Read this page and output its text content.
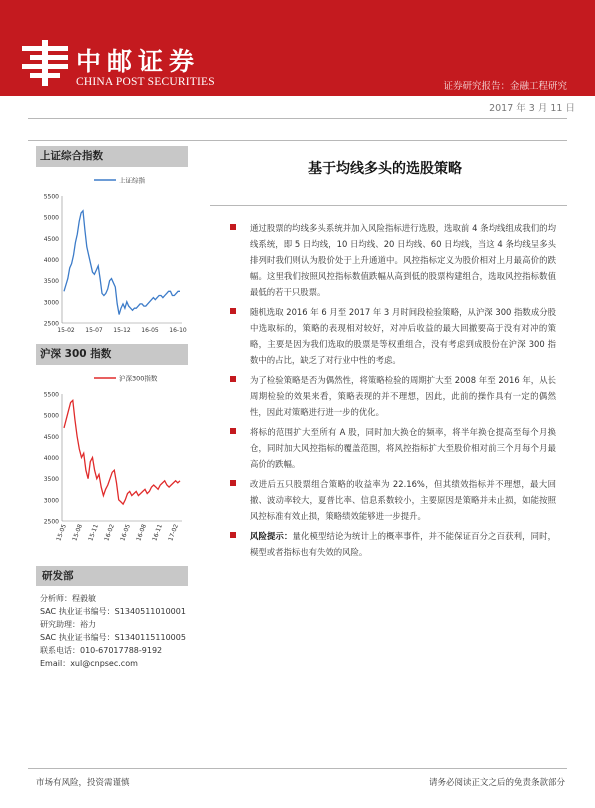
中邮证券
CHINA POST SECURITIES	证券研究报告：金融工程研究
2017 年 3 月 11 日
上证综合指数
2500
3000
3500
4000
4500
5000
5500
15-02 15-07 15-12 16-05 16-10
上证综指
沪深 300 指数
2500
3000
3500
4000
4500
5000
5500
15-05 15-08 15-11 16-02 16-05 16-08 16-11 17-02
沪深300指数
研发部
分析师：程毅敏
SAC 执业证书编号：S1340511010001
研究助理：裕力
SAC 执业证书编号：S1340115110005
联系电话：010-67017788-9192
Email：xul@cnpsec.com
基于均线多头的选股策略
通过股票的均线多头系统并加入风险指标进行选股，选取前 4 条均线组成我们的均线系统，即 5 日均线，10 日均线、20 日均线、60 日均线，当这 4 条均线呈多头排列时我们则认为股价处于上升通道中。风控指标定义为股价相对上月最高价的跌幅。这里我们按照风控指标数值跌幅从高到低的股票构建组合，选取风控指标数值最低的若干只股票。
随机选取 2016 年 6 月至 2017 年 3 月时间段检验策略，从沪深 300 指数成分股中选取标的，策略的表现相对较好，对冲后收益的最大回撤要高于没有对冲的策略，主要是因为我们选取的股票是等权重组合，没有考虑到成股份在沪深 300 指数中的占比，缺乏了对行业中性的考虑。
为了检验策略是否为偶然性，将策略检验的周期扩大至 2008 年至 2016 年，从长周期检验的效果来看，策略表现的并不理想，因此，此前的操作具有一定的偶然性，因此对策略进行进一步的优化。
将标的范围扩大至所有 A 股，同时加大换仓的频率，将半年换仓提高至每个月换仓，同时加大风控指标的覆盖范围，将风控指标扩大至股价相对前三个月每个月最高价的跌幅。
改进后五只股票组合策略的收益率为 22.16%，但其绩效指标并不理想，最大回撤、波动率较大，夏普比率、信息系数较小，主要原因是策略并未止损，如能按照风控标准有效止损，策略绩效能够进一步提升。
风险提示：量化模型结论为统计上的概率事件，并不能保证百分之百获利，同时，模型或者指标也有失效的风险。
市场有风险，投资需谨慎	请务必阅读正文之后的免责条款部分
